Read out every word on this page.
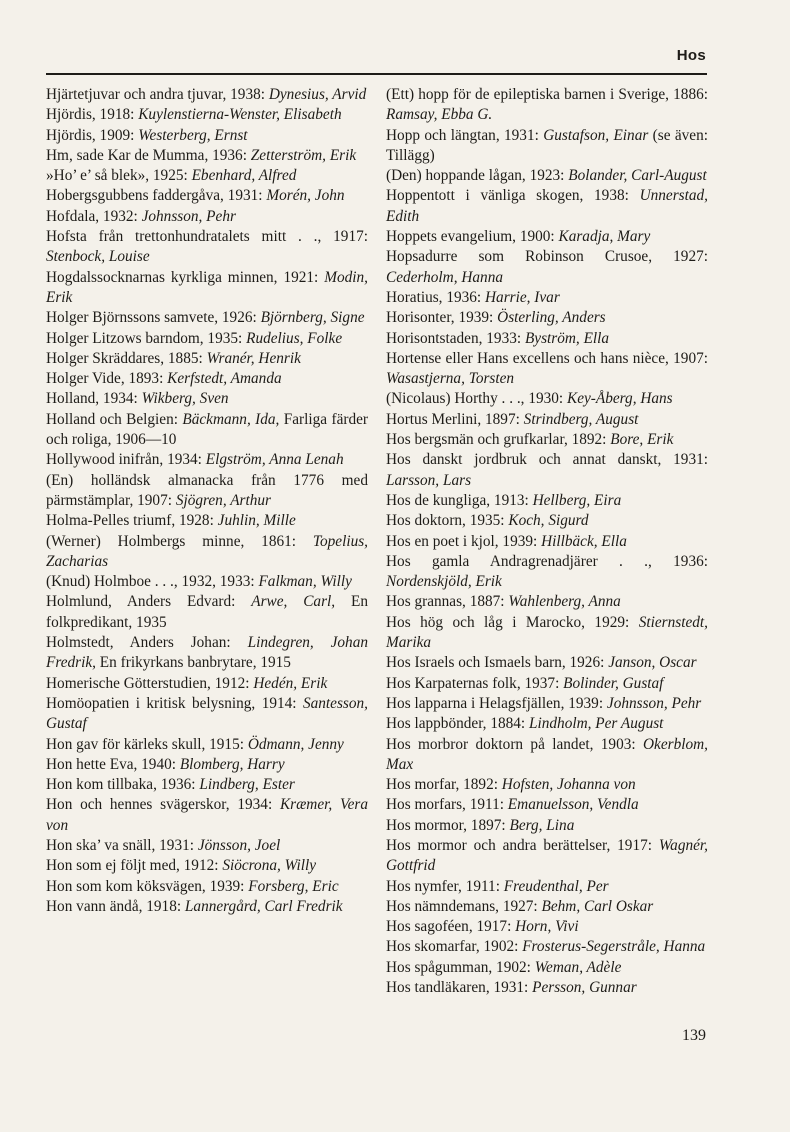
Hos
Hjärtetjuvar och andra tjuvar, 1938: Dynesius, Arvid
Hjördis, 1918: Kuylenstierna-Wenster, Elisabeth
Hjördis, 1909: Westerberg, Ernst
Hm, sade Kar de Mumma, 1936: Zetterström, Erik
»Ho’ e’ så blek», 1925: Ebenhard, Alfred
Hobergsgubbens faddergåva, 1931: Morén, John
Hofdala, 1932: Johnsson, Pehr
Hofsta från trettonhundratalets mitt . ., 1917: Stenbock, Louise
Hogdalssocknarnas kyrkliga minnen, 1921: Modin, Erik
Holger Björnssons samvete, 1926: Björnberg, Signe
Holger Litzows barndom, 1935: Rudelius, Folke
Holger Skräddares, 1885: Wranér, Henrik
Holger Vide, 1893: Kerfstedt, Amanda
Holland, 1934: Wikberg, Sven
Holland och Belgien: Bäckmann, Ida, Farliga färder och roliga, 1906—10
Hollywood inifrån, 1934: Elgström, Anna Lenah
(En) holländsk almanacka från 1776 med pärmstämplar, 1907: Sjögren, Arthur
Holma-Pelles triumf, 1928: Juhlin, Mille
(Werner) Holmbergs minne, 1861: Topelius, Zacharias
(Knud) Holmboe . . ., 1932, 1933: Falkman, Willy
Holmlund, Anders Edvard: Arwe, Carl, En folkpredikant, 1935
Holmstedt, Anders Johan: Lindegren, Johan Fredrik, En frikyrkans banbrytare, 1915
Homerische Götterstudien, 1912: Hedén, Erik
Homöopatien i kritisk belysning, 1914: Santesson, Gustaf
Hon gav för kärleks skull, 1915: Ödmann, Jenny
Hon hette Eva, 1940: Blomberg, Harry
Hon kom tillbaka, 1936: Lindberg, Ester
Hon och hennes svägerskor, 1934: Kræmer, Vera von
Hon ska’ va snäll, 1931: Jönsson, Joel
Hon som ej följt med, 1912: Siöcrona, Willy
Hon som kom köksvägen, 1939: Forsberg, Eric
Hon vann ändå, 1918: Lannergård, Carl Fredrik
(Ett) hopp för de epileptiska barnen i Sverige, 1886: Ramsay, Ebba G.
Hopp och längtan, 1931: Gustafson, Einar (se även: Tillägg)
(Den) hoppande lågan, 1923: Bolander, Carl-August
Hoppentott i vänliga skogen, 1938: Unnerstad, Edith
Hoppets evangelium, 1900: Karadja, Mary
Hopsadurre som Robinson Crusoe, 1927: Cederholm, Hanna
Horatius, 1936: Harrie, Ivar
Horisonter, 1939: Österling, Anders
Horisontstaden, 1933: Byström, Ella
Hortense eller Hans excellens och hans nièce, 1907: Wasastjerna, Torsten
(Nicolaus) Horthy . . ., 1930: Key-Åberg, Hans
Hortus Merlini, 1897: Strindberg, August
Hos bergsmän och grufkarlar, 1892: Bore, Erik
Hos danskt jordbruk och annat danskt, 1931: Larsson, Lars
Hos de kungliga, 1913: Hellberg, Eira
Hos doktorn, 1935: Koch, Sigurd
Hos en poet i kjol, 1939: Hillbäck, Ella
Hos gamla Andragrenadjärer . ., 1936: Nordenskjöld, Erik
Hos grannas, 1887: Wahlenberg, Anna
Hos hög och låg i Marocko, 1929: Stiernstedt, Marika
Hos Israels och Ismaels barn, 1926: Janson, Oscar
Hos Karpaternas folk, 1937: Bolinder, Gustaf
Hos lapparna i Helagsfjällen, 1939: Johnsson, Pehr
Hos lappbönder, 1884: Lindholm, Per August
Hos morbror doktorn på landet, 1903: Okerblom, Max
Hos morfar, 1892: Hofsten, Johanna von
Hos morfars, 1911: Emanuelsson, Vendla
Hos mormor, 1897: Berg, Lina
Hos mormor och andra berättelser, 1917: Wagnér, Gottfrid
Hos nymfer, 1911: Freudenthal, Per
Hos nämndemans, 1927: Behm, Carl Oskar
Hos sagoféen, 1917: Horn, Vivi
Hos skomarfar, 1902: Frosterus-Segerstråle, Hanna
Hos spågumman, 1902: Weman, Adèle
Hos tandläkaren, 1931: Persson, Gunnar
139
